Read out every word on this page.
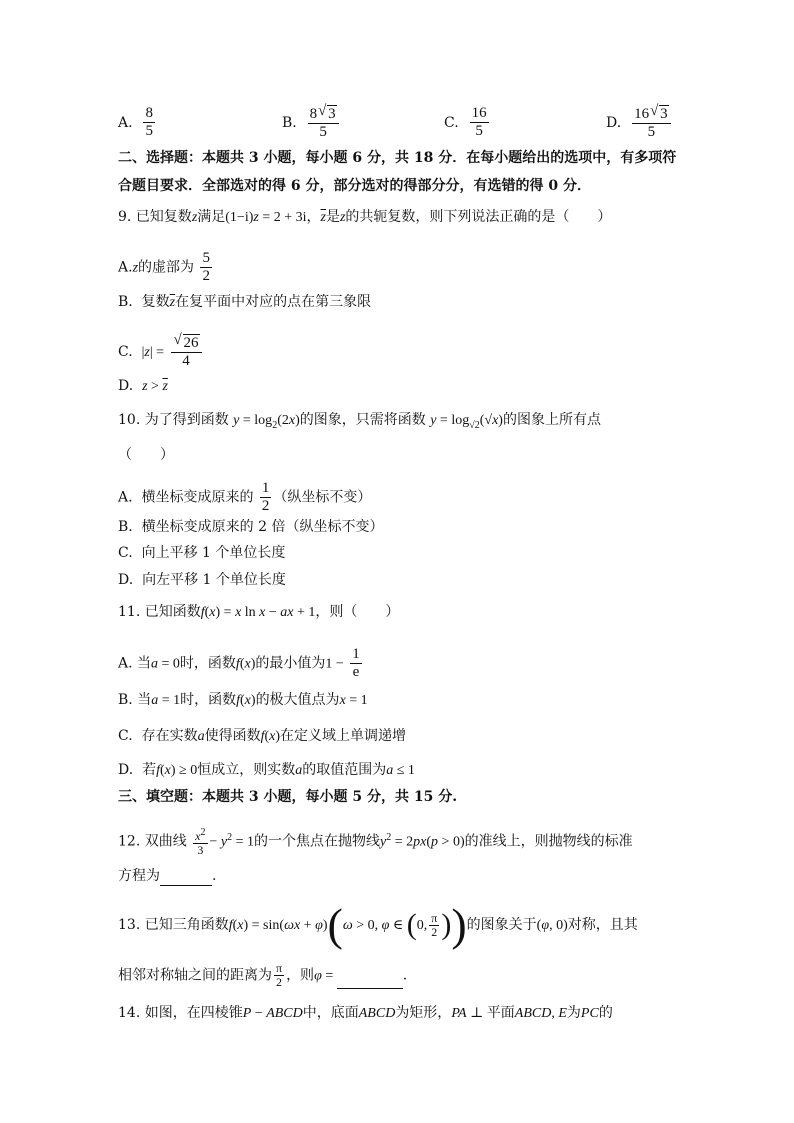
A.
$\frac{8}{5}$	B.
$\frac{8 √ 3}{5}$	C.
$\frac{16}{5}$	D.
$\frac{16 √ 3}{5}$
二、选择题：本题共 3 小题，每小题 6 分，共 18 分．在每小题给出的选项中，有多项符
合题目要求．全部选对的得 6 分，部分选对的得部分分，有选错的得 0 分．
9. 已知复数z满足(1−i)z = 2 + 3i，$\overline{z}$是z的共轭复数，则下列说法正确的是（　　）
A.z的虚部为 $\frac{5}{2}$
B. 复数$\overline{z}$在复平面中对应的点在第三象限
C. |z| = √ $\frac{26}{4}$
D. $z > \overline{z}$
10. 为了得到函数 $y = \log_2(2x)$的图象，只需将函数 $y = \log_{√2}(√x)$的图象上所有点
（　　）
A. 横坐标变成原来的 $\frac{1}{2}$ （纵坐标不变）
B. 横坐标变成原来的 2 倍（纵坐标不变）
C. 向上平移 1 个单位长度
D. 向左平移 1 个单位长度
11. 已知函数f(x) = x ln x − ax + 1，则（　　）
A. 当a = 0时，函数f(x)的最小值为$1 - \frac{1}{e}$
B. 当a = 1时，函数f(x)的极大值点为x = 1
C. 存在实数a使得函数f(x)在定义域上单调递增
D. 若f(x) ≥ 0恒成立，则实数a的取值范围为a ≤ 1
三、填空题：本题共 3 小题，每小题 5 分，共 15 分.
12. 双曲线 $\frac{x^2}{3} - y^2 = 1$的一个焦点在抛物线$y^2 = 2px(p > 0)$的准线上，则抛物线的标准
方程为	.
13. 已知三角函数f(x) = sin(ωx + φ)(ω > 0, φ ∈ (0, $\frac{\pi}{2}$ ))的图象关于(φ, 0)对称，且其
相邻对称轴之间的距离为 $\frac{\pi}{2}$ ，则φ =	.
14. 如图，在四棱锥P − ABCD中，底面ABCD为矩形，PA ⊥ 平面ABCD, E为PC的
